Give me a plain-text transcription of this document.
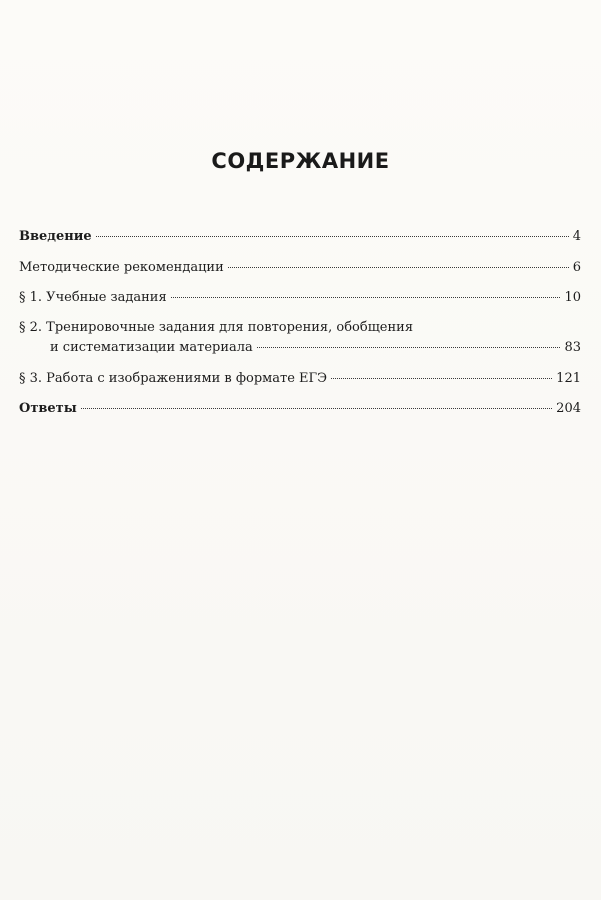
СОДЕРЖАНИЕ
Введение	4
Методические рекомендации	6
§ 1. Учебные задания	10
§ 2. Тренировочные задания для повторения, обобщения
и систематизации материала	83
§ 3. Работа с изображениями в формате ЕГЭ	121
Ответы	204
